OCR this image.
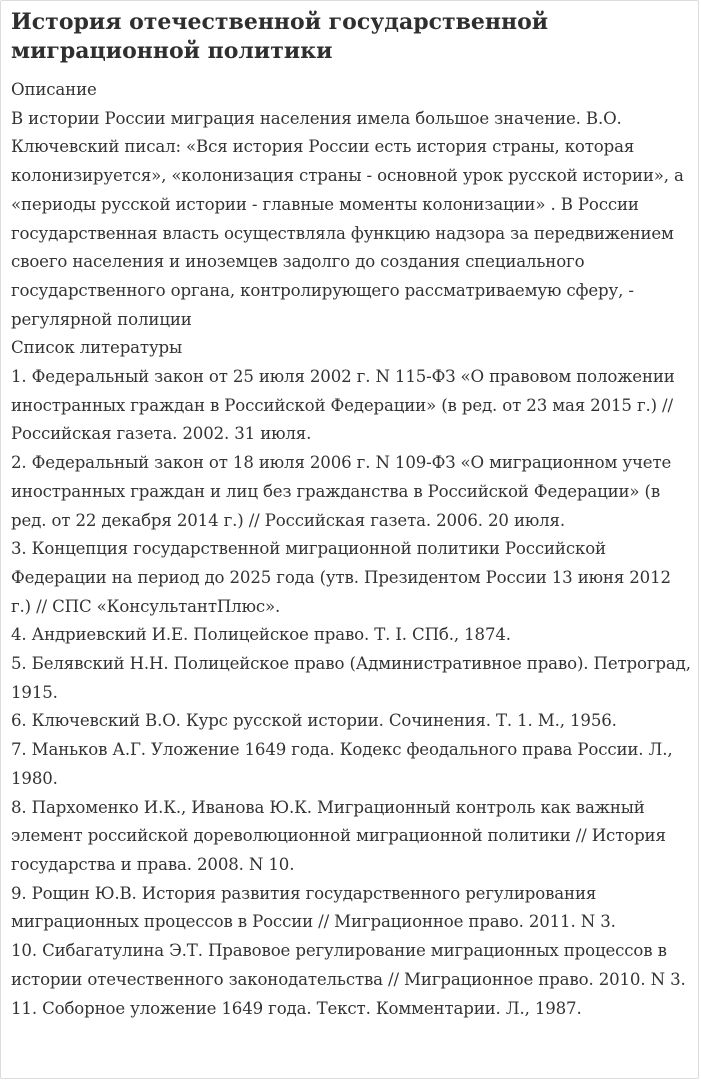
История отечественной государственной миграционной политики

Описание

В истории России миграция населения имела большое значение. В.О. Ключевский писал: «Вся история России есть история страны, которая колонизируется», «колонизация страны - основной урок русской истории», а «периоды русской истории - главные моменты колонизации» . В России государственная власть осуществляла функцию надзора за передвижением своего населения и иноземцев задолго до создания специального государственного органа, контролирующего рассматриваемую сферу, - регулярной полиции

Список литературы

1. Федеральный закон от 25 июля 2002 г. N 115-ФЗ «О правовом положении иностранных граждан в Российской Федерации» (в ред. от 23 мая 2015 г.) // Российская газета. 2002. 31 июля.
2. Федеральный закон от 18 июля 2006 г. N 109-ФЗ «О миграционном учете иностранных граждан и лиц без гражданства в Российской Федерации» (в ред. от 22 декабря 2014 г.) // Российская газета. 2006. 20 июля.
3. Концепция государственной миграционной политики Российской Федерации на период до 2025 года (утв. Президентом России 13 июня 2012 г.) // СПС «КонсультантПлюс».
4. Андриевский И.Е. Полицейское право. Т. I. СПб., 1874.
5. Белявский Н.Н. Полицейское право (Административное право). Петроград, 1915.
6. Ключевский В.О. Курс русской истории. Сочинения. Т. 1. М., 1956.
7. Маньков А.Г. Уложение 1649 года. Кодекс феодального права России. Л., 1980.
8. Пархоменко И.К., Иванова Ю.К. Миграционный контроль как важный элемент российской дореволюционной миграционной политики // История государства и права. 2008. N 10.
9. Рощин Ю.В. История развития государственного регулирования миграционных процессов в России // Миграционное право. 2011. N 3.
10. Сибагатулина Э.Т. Правовое регулирование миграционных процессов в истории отечественного законодательства // Миграционное право. 2010. N 3.
11. Соборное уложение 1649 года. Текст. Комментарии. Л., 1987.
